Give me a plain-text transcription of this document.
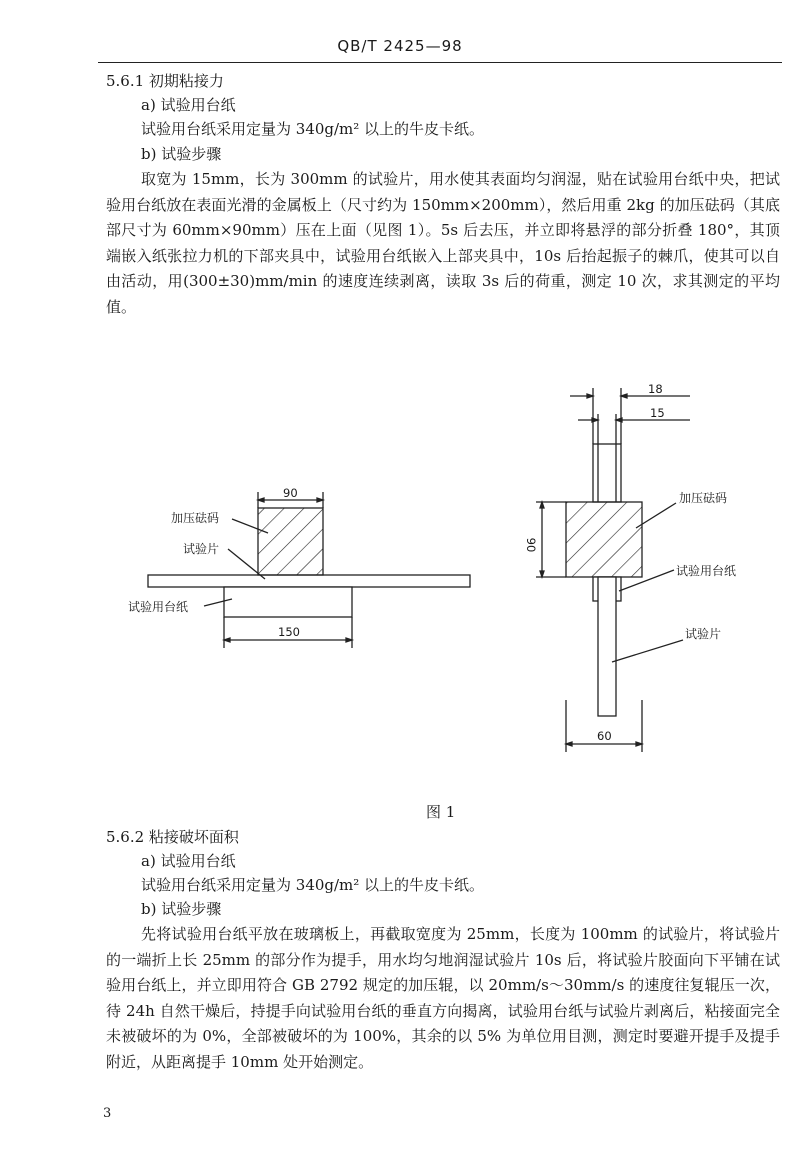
QB/T 2425—98
5.6.1 初期粘接力
a) 试验用台纸
试验用台纸采用定量为 340g/m² 以上的牛皮卡纸。
b) 试验步骤
取宽为 15mm，长为 300mm 的试验片，用水使其表面均匀润湿，贴在试验用台纸中央，把试验用台纸放在表面光滑的金属板上（尺寸约为 150mm×200mm），然后用重 2kg 的加压砝码（其底部尺寸为 60mm×90mm）压在上面（见图 1）。5s 后去压，并立即将悬浮的部分折叠 180°，其顶端嵌入纸张拉力机的下部夹具中，试验用台纸嵌入上部夹具中，10s 后抬起振子的棘爪，使其可以自由活动，用(300±30)mm/min 的速度连续剥离，读取 3s 后的荷重，测定 10 次，求其测定的平均值。
加压砝码
试验片
试验用台纸
90
150
加压砝码
试验用台纸
试验片
18
15
90
60
图 1
5.6.2 粘接破坏面积
a) 试验用台纸
试验用台纸采用定量为 340g/m² 以上的牛皮卡纸。
b) 试验步骤
先将试验用台纸平放在玻璃板上，再截取宽度为 25mm，长度为 100mm 的试验片，将试验片的一端折上长 25mm 的部分作为提手，用水均匀地润湿试验片 10s 后，将试验片胶面向下平铺在试验用台纸上，并立即用符合 GB 2792 规定的加压辊，以 20mm/s～30mm/s 的速度往复辊压一次，待 24h 自然干燥后，持提手向试验用台纸的垂直方向揭离，试验用台纸与试验片剥离后，粘接面完全未被破坏的为 0%，全部被破坏的为 100%，其余的以 5% 为单位用目测，测定时要避开提手及提手附近，从距离提手 10mm 处开始测定。
3
